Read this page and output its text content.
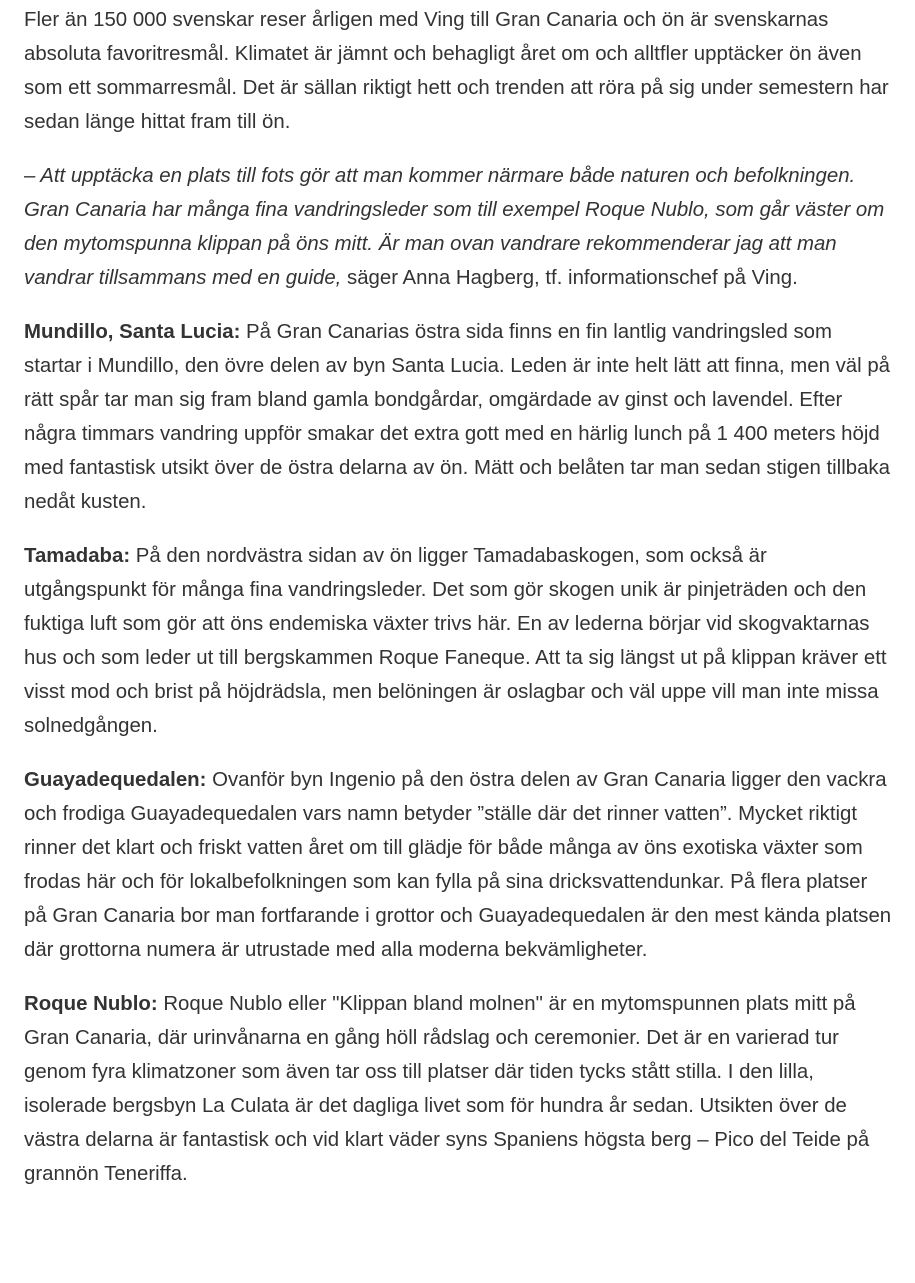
Fler än 150 000 svenskar reser årligen med Ving till Gran Canaria och ön är svenskarnas absoluta favoritresmål. Klimatet är jämnt och behagligt året om och alltfler upptäcker ön även som ett sommarresmål. Det är sällan riktigt hett och trenden att röra på sig under semestern har sedan länge hittat fram till ön.

– Att upptäcka en plats till fots gör att man kommer närmare både naturen och befolkningen. Gran Canaria har många fina vandringsleder som till exempel Roque Nublo, som går väster om den mytomspunna klippan på öns mitt. Är man ovan vandrare rekommenderar jag att man vandrar tillsammans med en guide, säger Anna Hagberg, tf. informationschef på Ving.

Mundillo, Santa Lucia: På Gran Canarias östra sida finns en fin lantlig vandringsled som startar i Mundillo, den övre delen av byn Santa Lucia. Leden är inte helt lätt att finna, men väl på rätt spår tar man sig fram bland gamla bondgårdar, omgärdade av ginst och lavendel. Efter några timmars vandring uppför smakar det extra gott med en härlig lunch på 1 400 meters höjd med fantastisk utsikt över de östra delarna av ön. Mätt och belåten tar man sedan stigen tillbaka nedåt kusten.

Tamadaba: På den nordvästra sidan av ön ligger Tamadabaskogen, som också är utgångspunkt för många fina vandringsleder. Det som gör skogen unik är pinjeträden och den fuktiga luft som gör att öns endemiska växter trivs här. En av lederna börjar vid skogvaktarnas hus och som leder ut till bergskammen Roque Faneque. Att ta sig längst ut på klippan kräver ett visst mod och brist på höjdrädsla, men belöningen är oslagbar och väl uppe vill man inte missa solnedgången.

Guayadequedalen: Ovanför byn Ingenio på den östra delen av Gran Canaria ligger den vackra och frodiga Guayadequedalen vars namn betyder ”ställe där det rinner vatten”. Mycket riktigt rinner det klart och friskt vatten året om till glädje för både många av öns exotiska växter som frodas här och för lokalbefolkningen som kan fylla på sina dricksvattendunkar. På flera platser på Gran Canaria bor man fortfarande i grottor och Guayadequedalen är den mest kända platsen där grottorna numera är utrustade med alla moderna bekvämligheter.

Roque Nublo: Roque Nublo eller "Klippan bland molnen" är en mytomspunnen plats mitt på Gran Canaria, där urinvånarna en gång höll rådslag och ceremonier. Det är en varierad tur genom fyra klimatzoner som även tar oss till platser där tiden tycks stått stilla. I den lilla, isolerade bergsbyn La Culata är det dagliga livet som för hundra år sedan. Utsikten över de västra delarna är fantastisk och vid klart väder syns Spaniens högsta berg – Pico del Teide på grannön Teneriffa.
